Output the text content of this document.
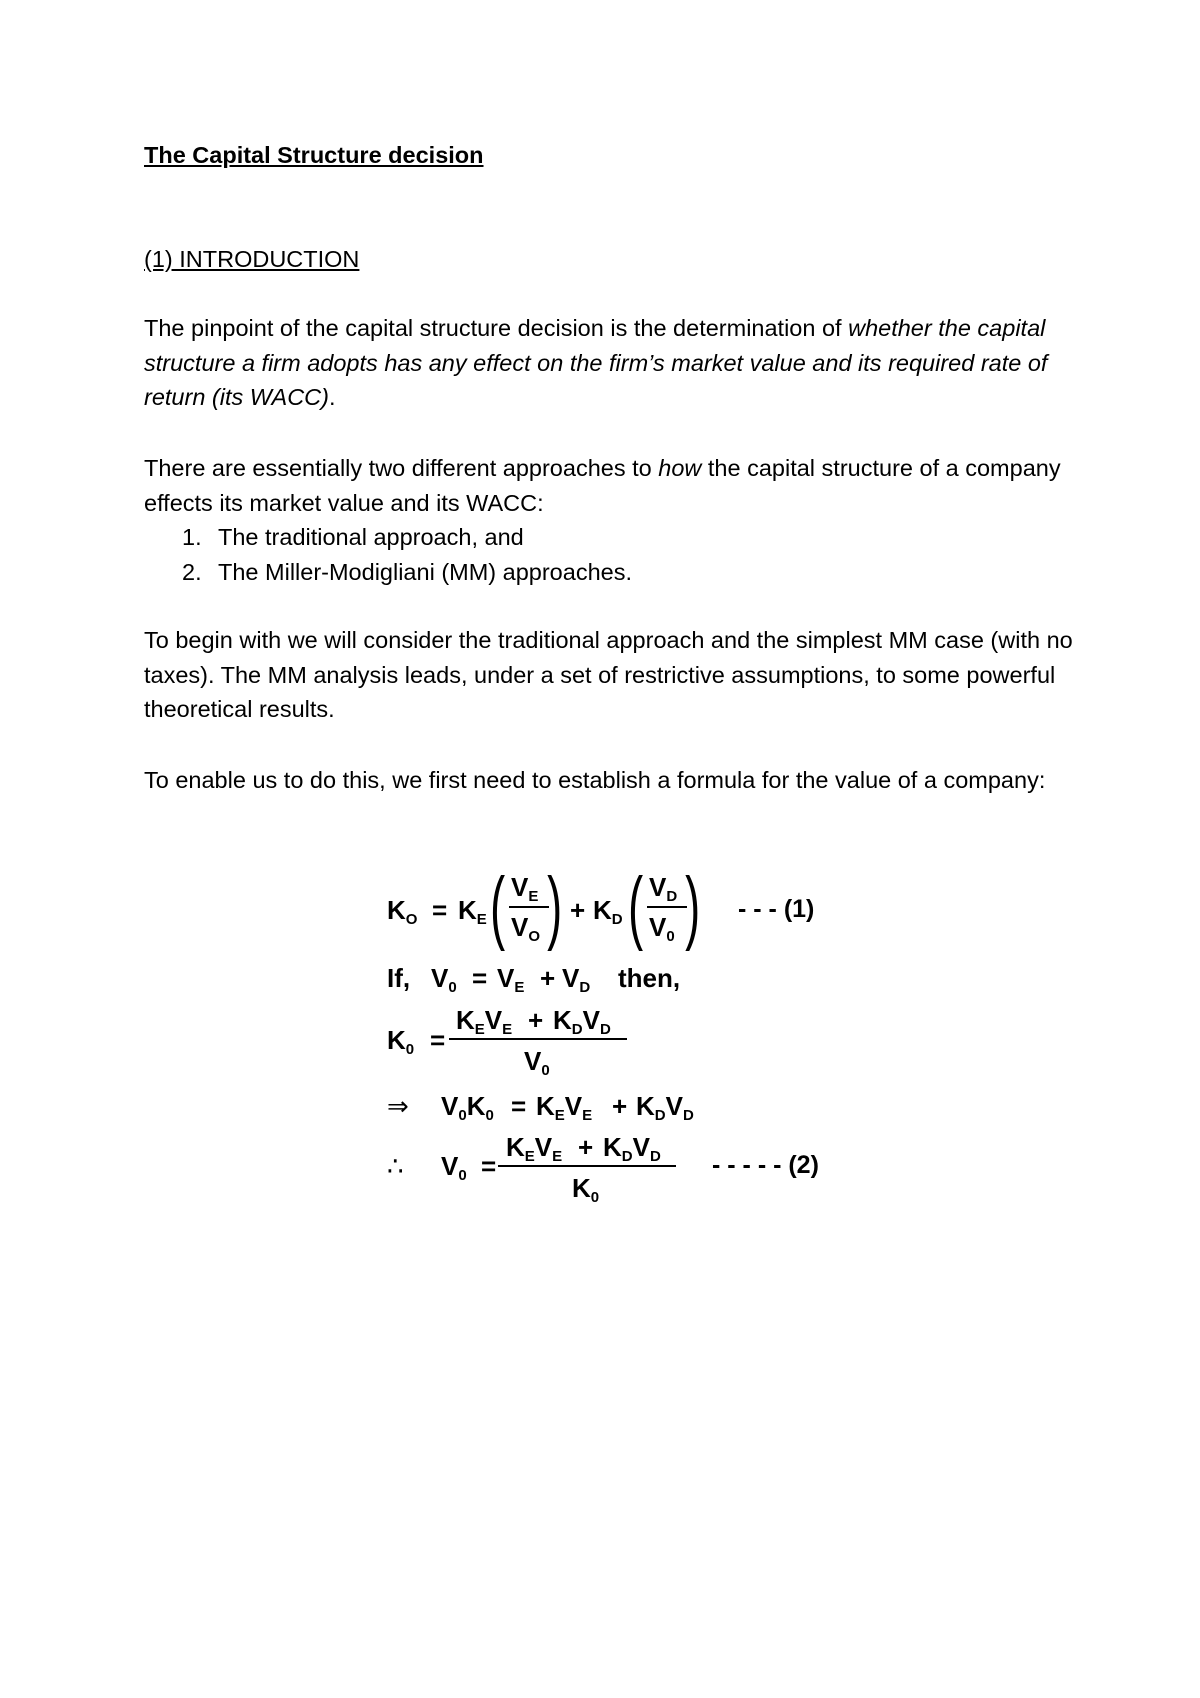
The Capital Structure decision
(1) INTRODUCTION
The pinpoint of the capital structure decision is the determination of whether the capital structure a firm adopts has any effect on the firm’s market value and its required rate of return (its WACC).
There are essentially two different approaches to how the capital structure of a company effects its market value and its WACC:
1. The traditional approach, and
2. The Miller-Modigliani (MM) approaches.
To begin with we will consider the traditional approach and the simplest MM case (with no taxes). The MM analysis leads, under a set of restrictive assumptions, to some powerful theoretical results.
To enable us to do this, we first need to establish a formula for the value of a company:
$K_O = K_E$ ( $V_E$
$V_O$ ) + $K_D$ ( $V_D$
$V_0$ ) - - - (1)
If, $V_0 = V_E + V_D$ then,
$K_0$ =
$K_EV_E + K_DV_D$
$V_0$
⇒ $V_0K_0 = K_EV_E + K_DV_D$
∴ $V_0$ =
$K_EV_E + K_DV_D$
$K_0$
- - - - - (2)
